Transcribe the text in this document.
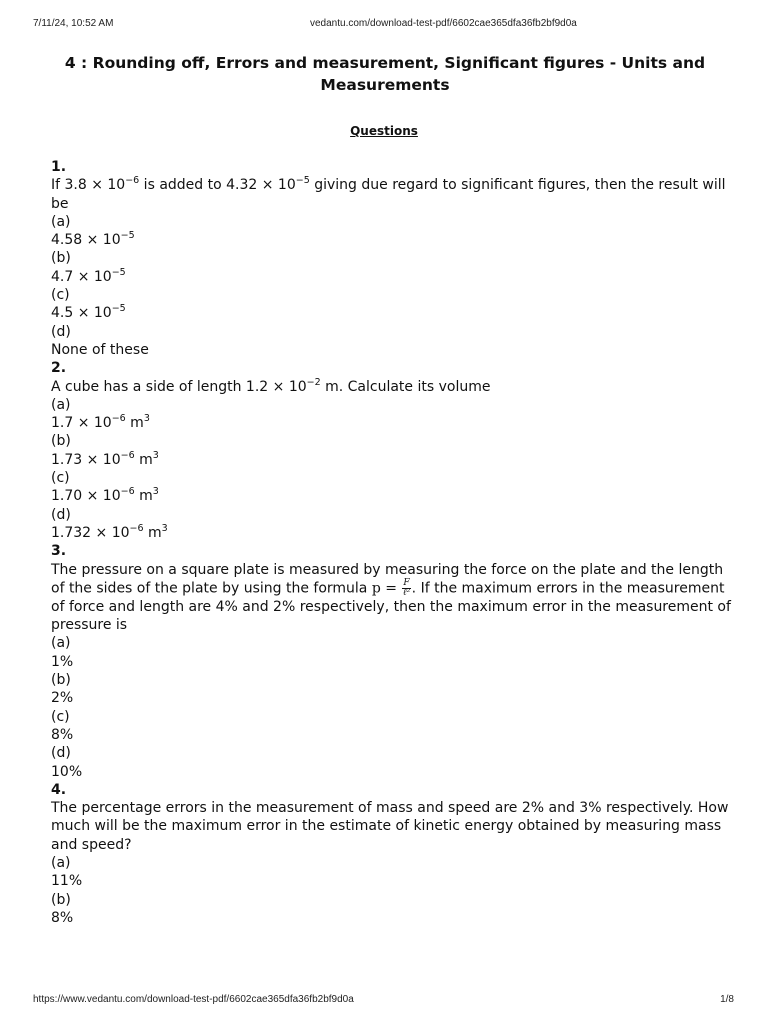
7/11/24, 10:52 AM	vedantu.com/download-test-pdf/6602cae365dfa36fb2bf9d0a
4 : Rounding off, Errors and measurement, Significant figures - Units and Measurements
Questions
1.
If $3.8 \times 10^{-6}$ is added to $4.32 \times 10^{-5}$ giving due regard to significant figures, then the result will be
(a)
$4.58 \times 10^{-5}$
(b)
$4.7 \times 10^{-5}$
(c)
$4.5 \times 10^{-5}$
(d)
None of these
2.
A cube has a side of length $1.2 \times 10^{-2}$ m. Calculate its volume
(a)
$1.7 \times 10^{-6}$ $m^3$
(b)
$1.73 \times 10^{-6}$ $m^3$
(c)
$1.70 \times 10^{-6}$ $m^3$
(d)
$1.732 \times 10^{-6}$ $m^3$
3.
The pressure on a square plate is measured by measuring the force on the plate and the length of the sides of the plate by using the formula $p = \frac{F}{\text{ℓ²}}$ . If the maximum errors in the measurement of force and length are 4% and 2% respectively, then the maximum error in the measurement of pressure is
(a)
1%
(b)
2%
(c)
8%
(d)
10%
4.
The percentage errors in the measurement of mass and speed are 2% and 3% respectively. How much will be the maximum error in the estimate of kinetic energy obtained by measuring mass and speed?
(a)
11%
(b)
8%
https://www.vedantu.com/download-test-pdf/6602cae365dfa36fb2bf9d0a	1/8
